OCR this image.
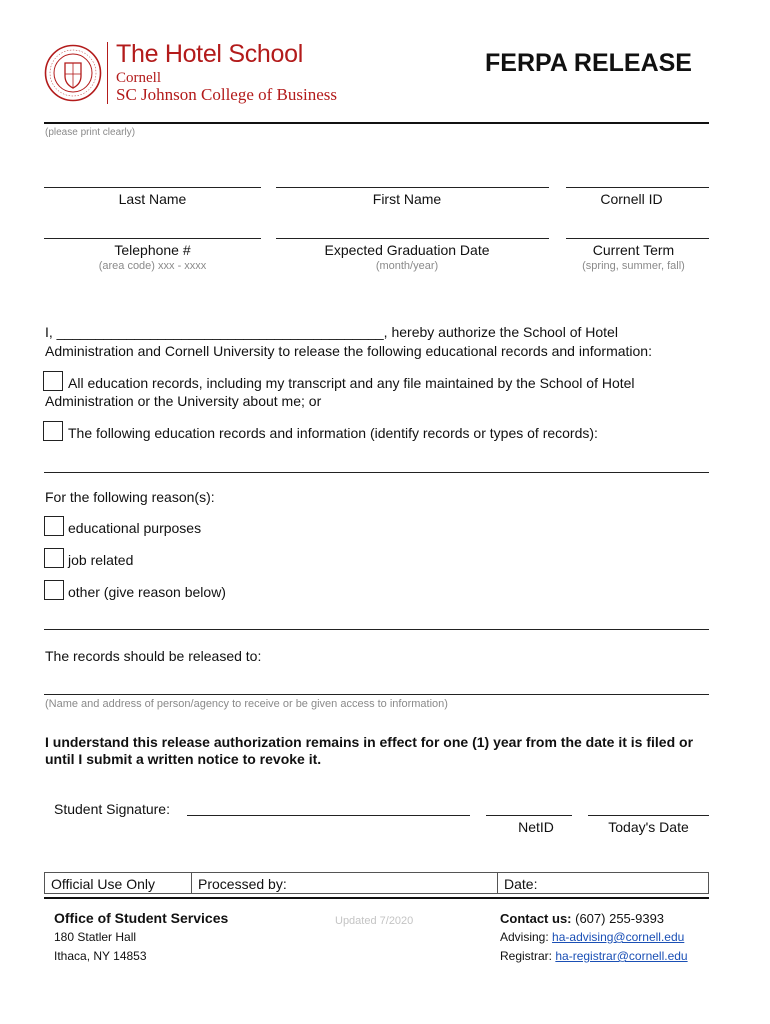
The Hotel School
Cornell
SC Johnson College of Business
FERPA RELEASE
(please print clearly)
Last Name	First Name	Cornell ID
Telephone #	Expected Graduation Date	Current Term
(area code) xxx - xxxx	(month/year)	(spring, summer, fall)
I, __________________________________________, hereby authorize the School of Hotel
Administration and Cornell University to release the following educational records and information:
All education records, including my transcript and any file maintained by the School of Hotel
Administration or the University about me; or
The following education records and information (identify records or types of records):
For the following reason(s):
educational purposes
job related
other (give reason below)
The records should be released to:
(Name and address of person/agency to receive or be given access to information)
I understand this release authorization remains in effect for one (1) year from the date it is filed or
until I submit a written notice to revoke it.
Student Signature:
NetID	Today's Date
Official Use Only	Processed by:	Date:
Office of Student Services
180 Statler Hall
Ithaca, NY 14853
Updated 7/2020	Contact us: (607) 255-9393
Advising: ha-advising@cornell.edu
Registrar: ha-registrar@cornell.edu
